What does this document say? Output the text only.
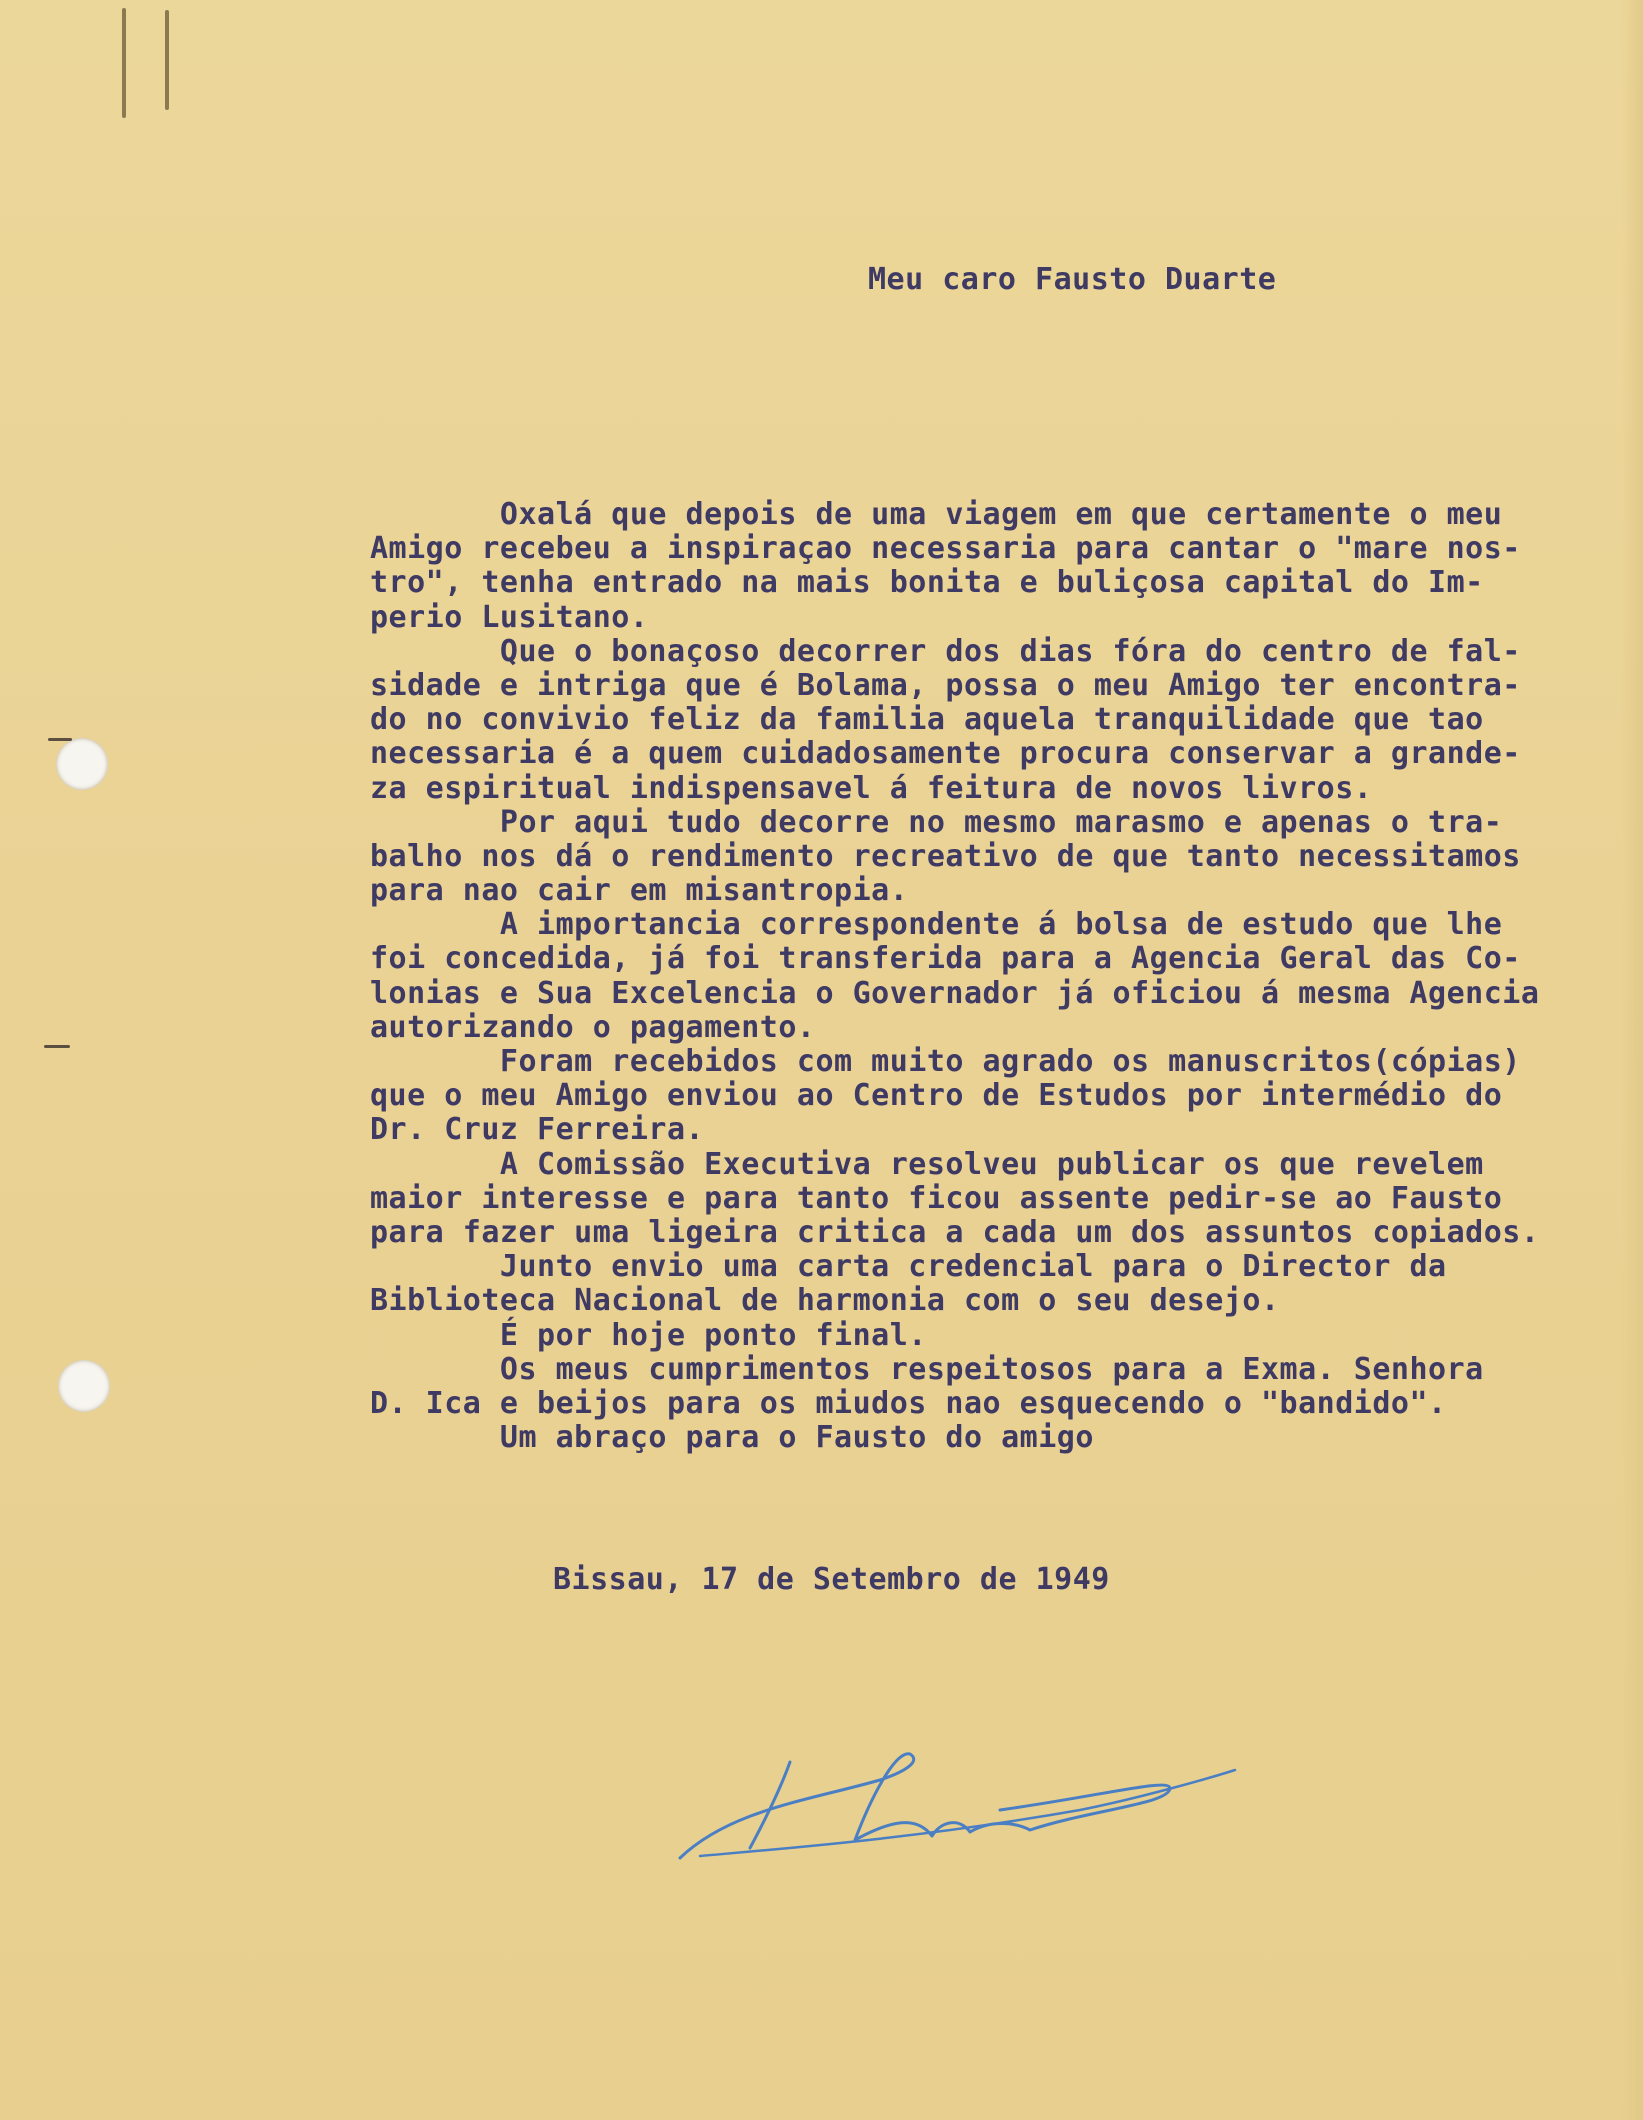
Meu caro Fausto Duarte

Oxalá que depois de uma viagem em que certamente o meu
Amigo recebeu a inspiraçao necessaria para cantar o "mare nos-
tro", tenha entrado na mais bonita e buliçosa capital do Im-
perio Lusitano.
Que o bonaçoso decorrer dos dias fóra do centro de fal-
sidade e intriga que é Bolama, possa o meu Amigo ter encontra-
do no convivio feliz da familia aquela tranquilidade que tao
necessaria é a quem cuidadosamente procura conservar a grande-
za espiritual indispensavel á feitura de novos livros.
Por aqui tudo decorre no mesmo marasmo e apenas o tra-
balho nos dá o rendimento recreativo de que tanto necessitamos
para nao cair em misantropia.
A importancia correspondente á bolsa de estudo que lhe
foi concedida, já foi transferida para a Agencia Geral das Co-
lonias e Sua Excelencia o Governador já oficiou á mesma Agencia
autorizando o pagamento.
Foram recebidos com muito agrado os manuscritos(cópias)
que o meu Amigo enviou ao Centro de Estudos por intermédio do
Dr. Cruz Ferreira.
A Comissão Executiva resolveu publicar os que revelem
maior interesse e para tanto ficou assente pedir-se ao Fausto
para fazer uma ligeira critica a cada um dos assuntos copiados.
Junto envio uma carta credencial para o Director da
Biblioteca Nacional de harmonia com o seu desejo.
É por hoje ponto final.
Os meus cumprimentos respeitosos para a Exma. Senhora
D. Ica e beijos para os miudos nao esquecendo o "bandido".
Um abraço para o Fausto do amigo

Bissau, 17 de Setembro de 1949
